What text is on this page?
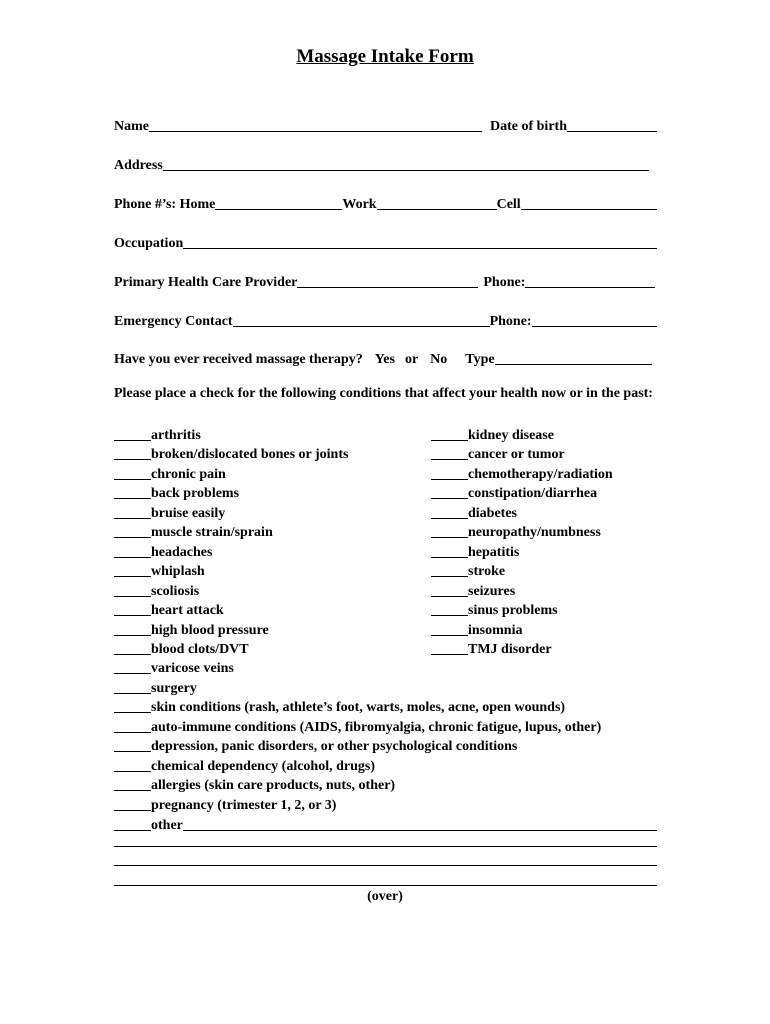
Massage Intake Form
Name	Date of birth
Address
Phone #’s: Home	Work	Cell
Occupation
Primary Health Care Provider	Phone:
Emergency Contact	Phone:
Have you ever received massage therapy? Yes or No Type
Please place a check for the following conditions that affect your health now or in the past:
arthritis
broken/dislocated bones or joints
chronic pain
back problems
bruise easily
muscle strain/sprain
headaches
whiplash
scoliosis
heart attack
high blood pressure
blood clots/DVT
varicose veins
surgery
skin conditions (rash, athlete’s foot, warts, moles, acne, open wounds)
auto-immune conditions (AIDS, fibromyalgia, chronic fatigue, lupus, other)
depression, panic disorders, or other psychological conditions
chemical dependency (alcohol, drugs)
allergies (skin care products, nuts, other)
pregnancy (trimester 1, 2, or 3)
kidney disease
cancer or tumor
chemotherapy/radiation
constipation/diarrhea
diabetes
neuropathy/numbness
hepatitis
stroke
seizures
sinus problems
insomnia
TMJ disorder
other
(over)
